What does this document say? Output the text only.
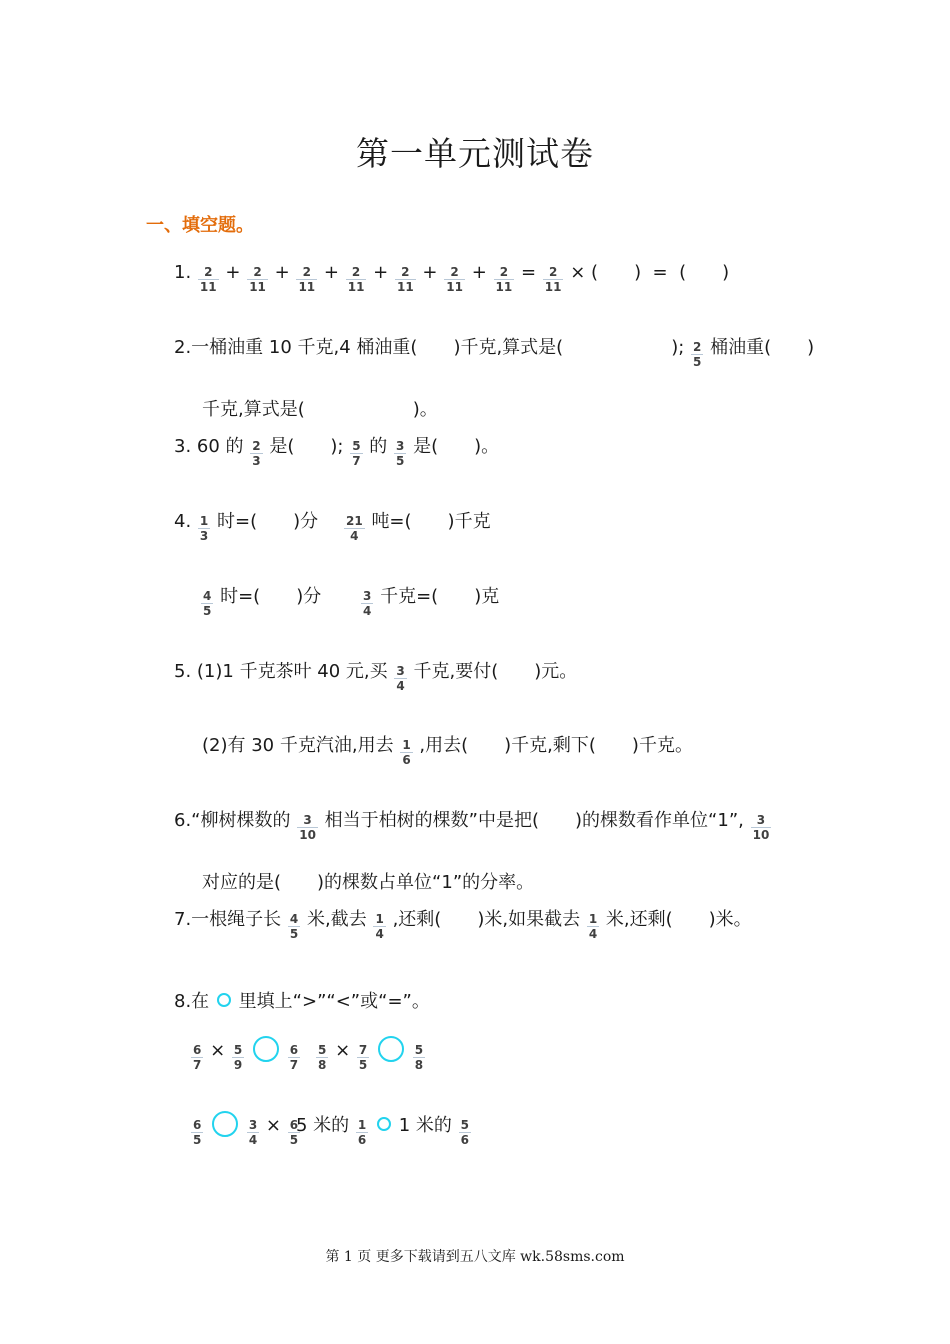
第一单元测试卷
一、填空题。
1. $\frac{2}{11} + \frac{2}{11} + \frac{2}{11} + \frac{2}{11} + \frac{2}{11} + \frac{2}{11} + \frac{2}{11} = \frac{2}{11}$ × (　　)  =  (　　)
2.一桶油重 10 千克,4 桶油重(　　)千克,算式是(　　　　　　); $\frac{2}{5}$ 桶油重(　　)
千克,算式是(　　　　　　)。
3. 60 的 $\frac{2}{3}$ 是(　　); $\frac{5}{7}$ 的 $\frac{3}{5}$ 是(　　)。
4. $\frac{1}{3}$ 时=(　　)分 $\frac{21}{4}$ 吨=(　　)千克
$\frac{4}{5}$ 时=(　　)分	$\frac{3}{4}$ 千克=(　　)克
5. (1)1 千克茶叶 40 元,买 $\frac{3}{4}$ 千克,要付(　　)元。
(2)有 30 千克汽油,用去 $\frac{1}{6}$ ,用去(　　)千克,剩下(　　)千克。
6.“柳树棵数的 $\frac{3}{10}$ 相当于柏树的棵数”中是把(　　)的棵数看作单位“1”, $\frac{3}{10}$
对应的是(　　)的棵数占单位“1”的分率。
7.一根绳子长 $\frac{4}{5}$ 米,截去 $\frac{1}{4}$ ,还剩(　　)米,如果截去 $\frac{1}{4}$ 米,还剩(　　)米。
8.在 里填上“>”“<”或“=”。
$\frac{6}{7} \times \frac{5}{9}$
	$\frac{6}{7} \frac{5}{8} \times \frac{7}{5}$
	$\frac{5}{8}$
$\frac{6}{5}$
	$\frac{3}{4} \times \frac{6}{5}$
5 米的 $\frac{1}{6} 1$ 米的 $\frac{5}{6}$
第 1 页 更多下载请到五八文库 wk.58sms.com
